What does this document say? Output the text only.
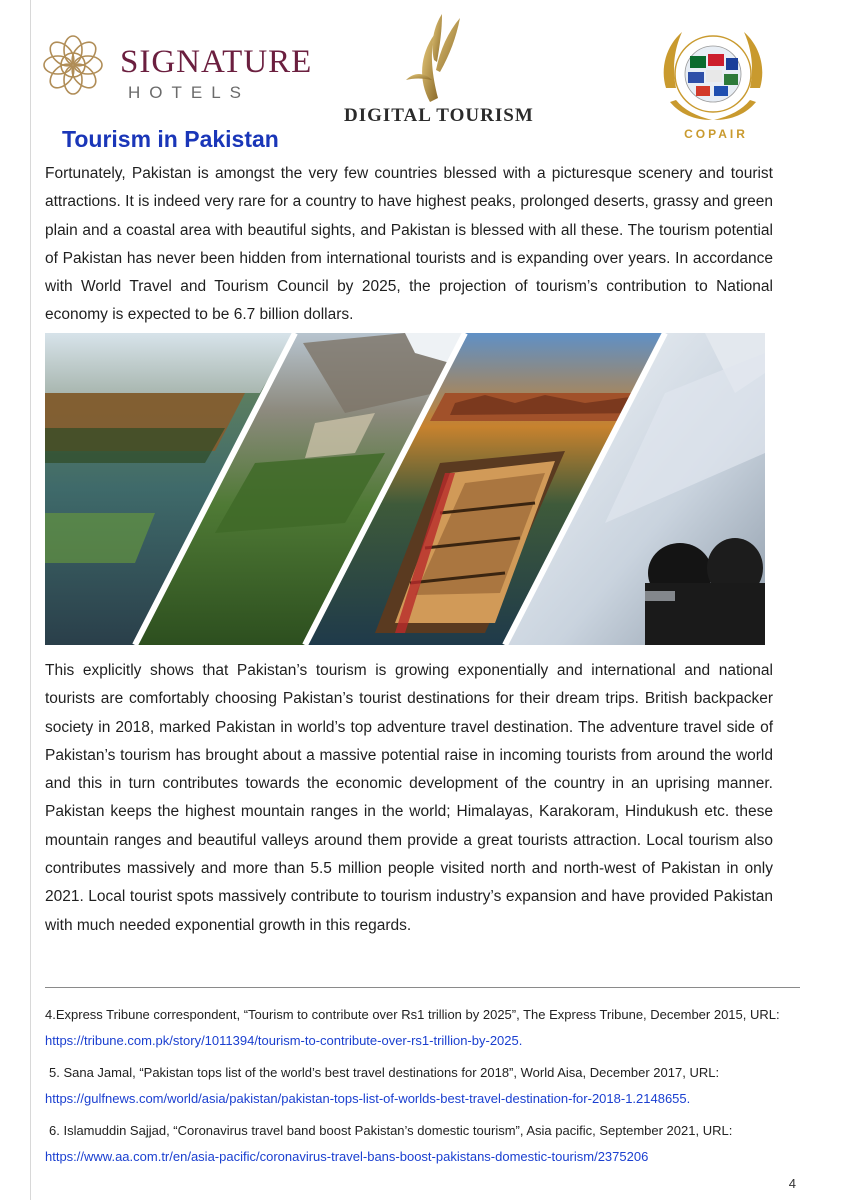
SIGNATURE
HOTELS
DIGITAL TOURISM
COPAIR
Tourism in Pakistan

Fortunately, Pakistan is amongst the very few countries blessed with a picturesque scenery and tourist attractions. It is indeed very rare for a country to have highest peaks, prolonged deserts, grassy and green plain and a coastal area with beautiful sights, and Pakistan is blessed with all these. The tourism potential of Pakistan has never been hidden from international tourists and is expanding over years. In accordance with World Travel and Tourism Council by 2025, the projection of tourism’s contribution to National economy is expected to be 6.7 billion dollars.

This explicitly shows that Pakistan’s tourism is growing exponentially and international and national tourists are comfortably choosing Pakistan’s tourist destinations for their dream trips. British backpacker society in 2018, marked Pakistan in world’s top adventure travel destination. The adventure travel side of Pakistan’s tourism has brought about a massive potential raise in incoming tourists from around the world and this in turn contributes towards the economic development of the country in an uprising manner. Pakistan keeps the highest mountain ranges in the world; Himalayas, Karakoram, Hindukush etc. these mountain ranges and beautiful valleys around them provide a great tourists attraction. Local tourism also contributes massively and more than 5.5 million people visited north and north-west of Pakistan in only 2021. Local tourist spots massively contribute to tourism industry’s expansion and have provided Pakistan with much needed exponential growth in this regards.

4.Express Tribune correspondent, “Tourism to contribute over Rs1 trillion by 2025”, The Express Tribune, December 2015, URL: https://tribune.com.pk/story/1011394/tourism-to-contribute-over-rs1-trillion-by-2025.

5. Sana Jamal, “Pakistan tops list of the world’s best travel destinations for 2018”, World Aisa, December 2017, URL: https://gulfnews.com/world/asia/pakistan/pakistan-tops-list-of-worlds-best-travel-destination-for-2018-1.2148655.

6. Islamuddin Sajjad, “Coronavirus travel band boost Pakistan’s domestic tourism”, Asia pacific, September 2021, URL: https://www.aa.com.tr/en/asia-pacific/coronavirus-travel-bans-boost-pakistans-domestic-tourism/2375206

4
